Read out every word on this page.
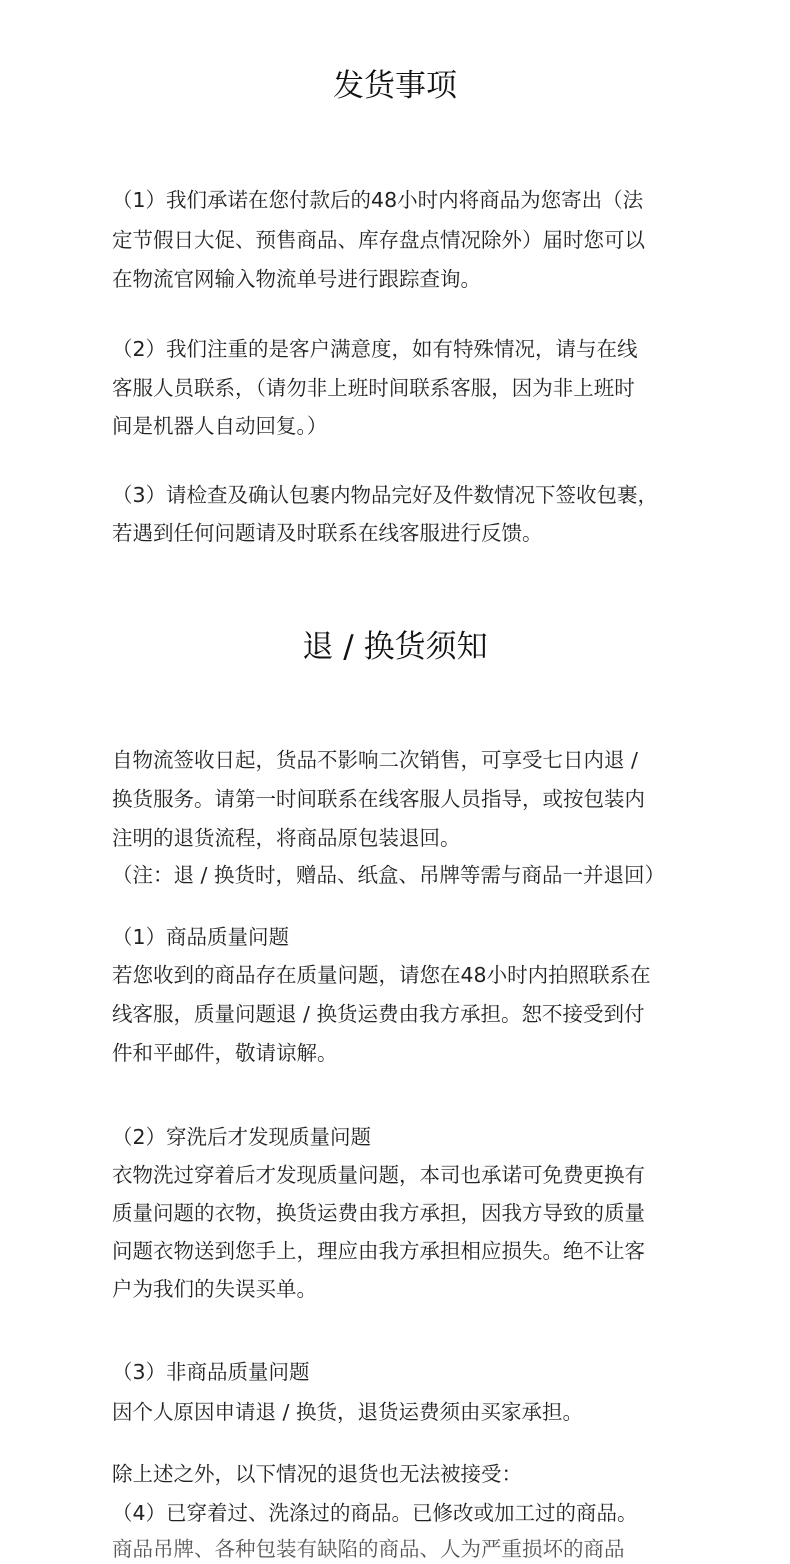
发货事项

（1）我们承诺在您付款后的48小时内将商品为您寄出（法

定节假日大促、预售商品、库存盘点情况除外）届时您可以

在物流官网输入物流单号进行跟踪查询。

（2）我们注重的是客户满意度，如有特殊情况，请与在线

客服人员联系，（请勿非上班时间联系客服，因为非上班时

间是机器人自动回复。）

（3）请检查及确认包裹内物品完好及件数情况下签收包裹，

若遇到任何问题请及时联系在线客服进行反馈。

退 / 换货须知

自物流签收日起，货品不影响二次销售，可享受七日内退 /

换货服务。请第一时间联系在线客服人员指导，或按包装内

注明的退货流程，将商品原包装退回。

（注：退 / 换货时，赠品、纸盒、吊牌等需与商品一并退回）

（1）商品质量问题

若您收到的商品存在质量问题，请您在48小时内拍照联系在

线客服，质量问题退 / 换货运费由我方承担。恕不接受到付

件和平邮件，敬请谅解。

（2）穿洗后才发现质量问题

衣物洗过穿着后才发现质量问题，本司也承诺可免费更换有

质量问题的衣物，换货运费由我方承担，因我方导致的质量

问题衣物送到您手上，理应由我方承担相应损失。绝不让客

户为我们的失误买单。

（3）非商品质量问题

因个人原因申请退 / 换货，退货运费须由买家承担。

除上述之外，以下情况的退货也无法被接受：

（4）已穿着过、洗涤过的商品。已修改或加工过的商品。

商品吊牌、各种包装有缺陷的商品、人为严重损坏的商品
